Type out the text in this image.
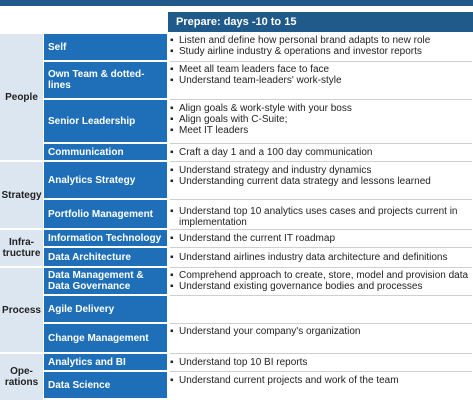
Prepare: days -10 to 15
People
Strategy
Infra-
tructure
Process
Ope-
rations
Self
Own Team & dotted-lines
Senior Leadership
Communication
Analytics Strategy
Portfolio Management
Information Technology
Data Architecture
Data Management & Data Governance
Agile Delivery
Change Management
Analytics and BI
Data Science
▪ Listen and define how personal brand adapts to new role
▪ Study airline industry & operations and investor reports
▪ Meet all team leaders face to face
▪ Understand team-leaders' work-style
▪ Align goals & work-style with your boss
▪ Align goals with C-Suite;
▪ Meet IT leaders
▪ Craft a day 1 and a 100 day communication
▪ Understand strategy and industry dynamics
▪ Understanding current data strategy and lessons learned
▪ Understand top 10 analytics uses cases and projects current in implementation
▪ Understand the current IT roadmap
▪ Understand airlines industry data architecture and definitions
▪ Comprehend approach to create, store, model and provision data
▪ Understand existing governance bodies and processes
▪ Understand your company's organization
▪ Understand top 10 BI reports
▪ Understand current projects and work of the team
